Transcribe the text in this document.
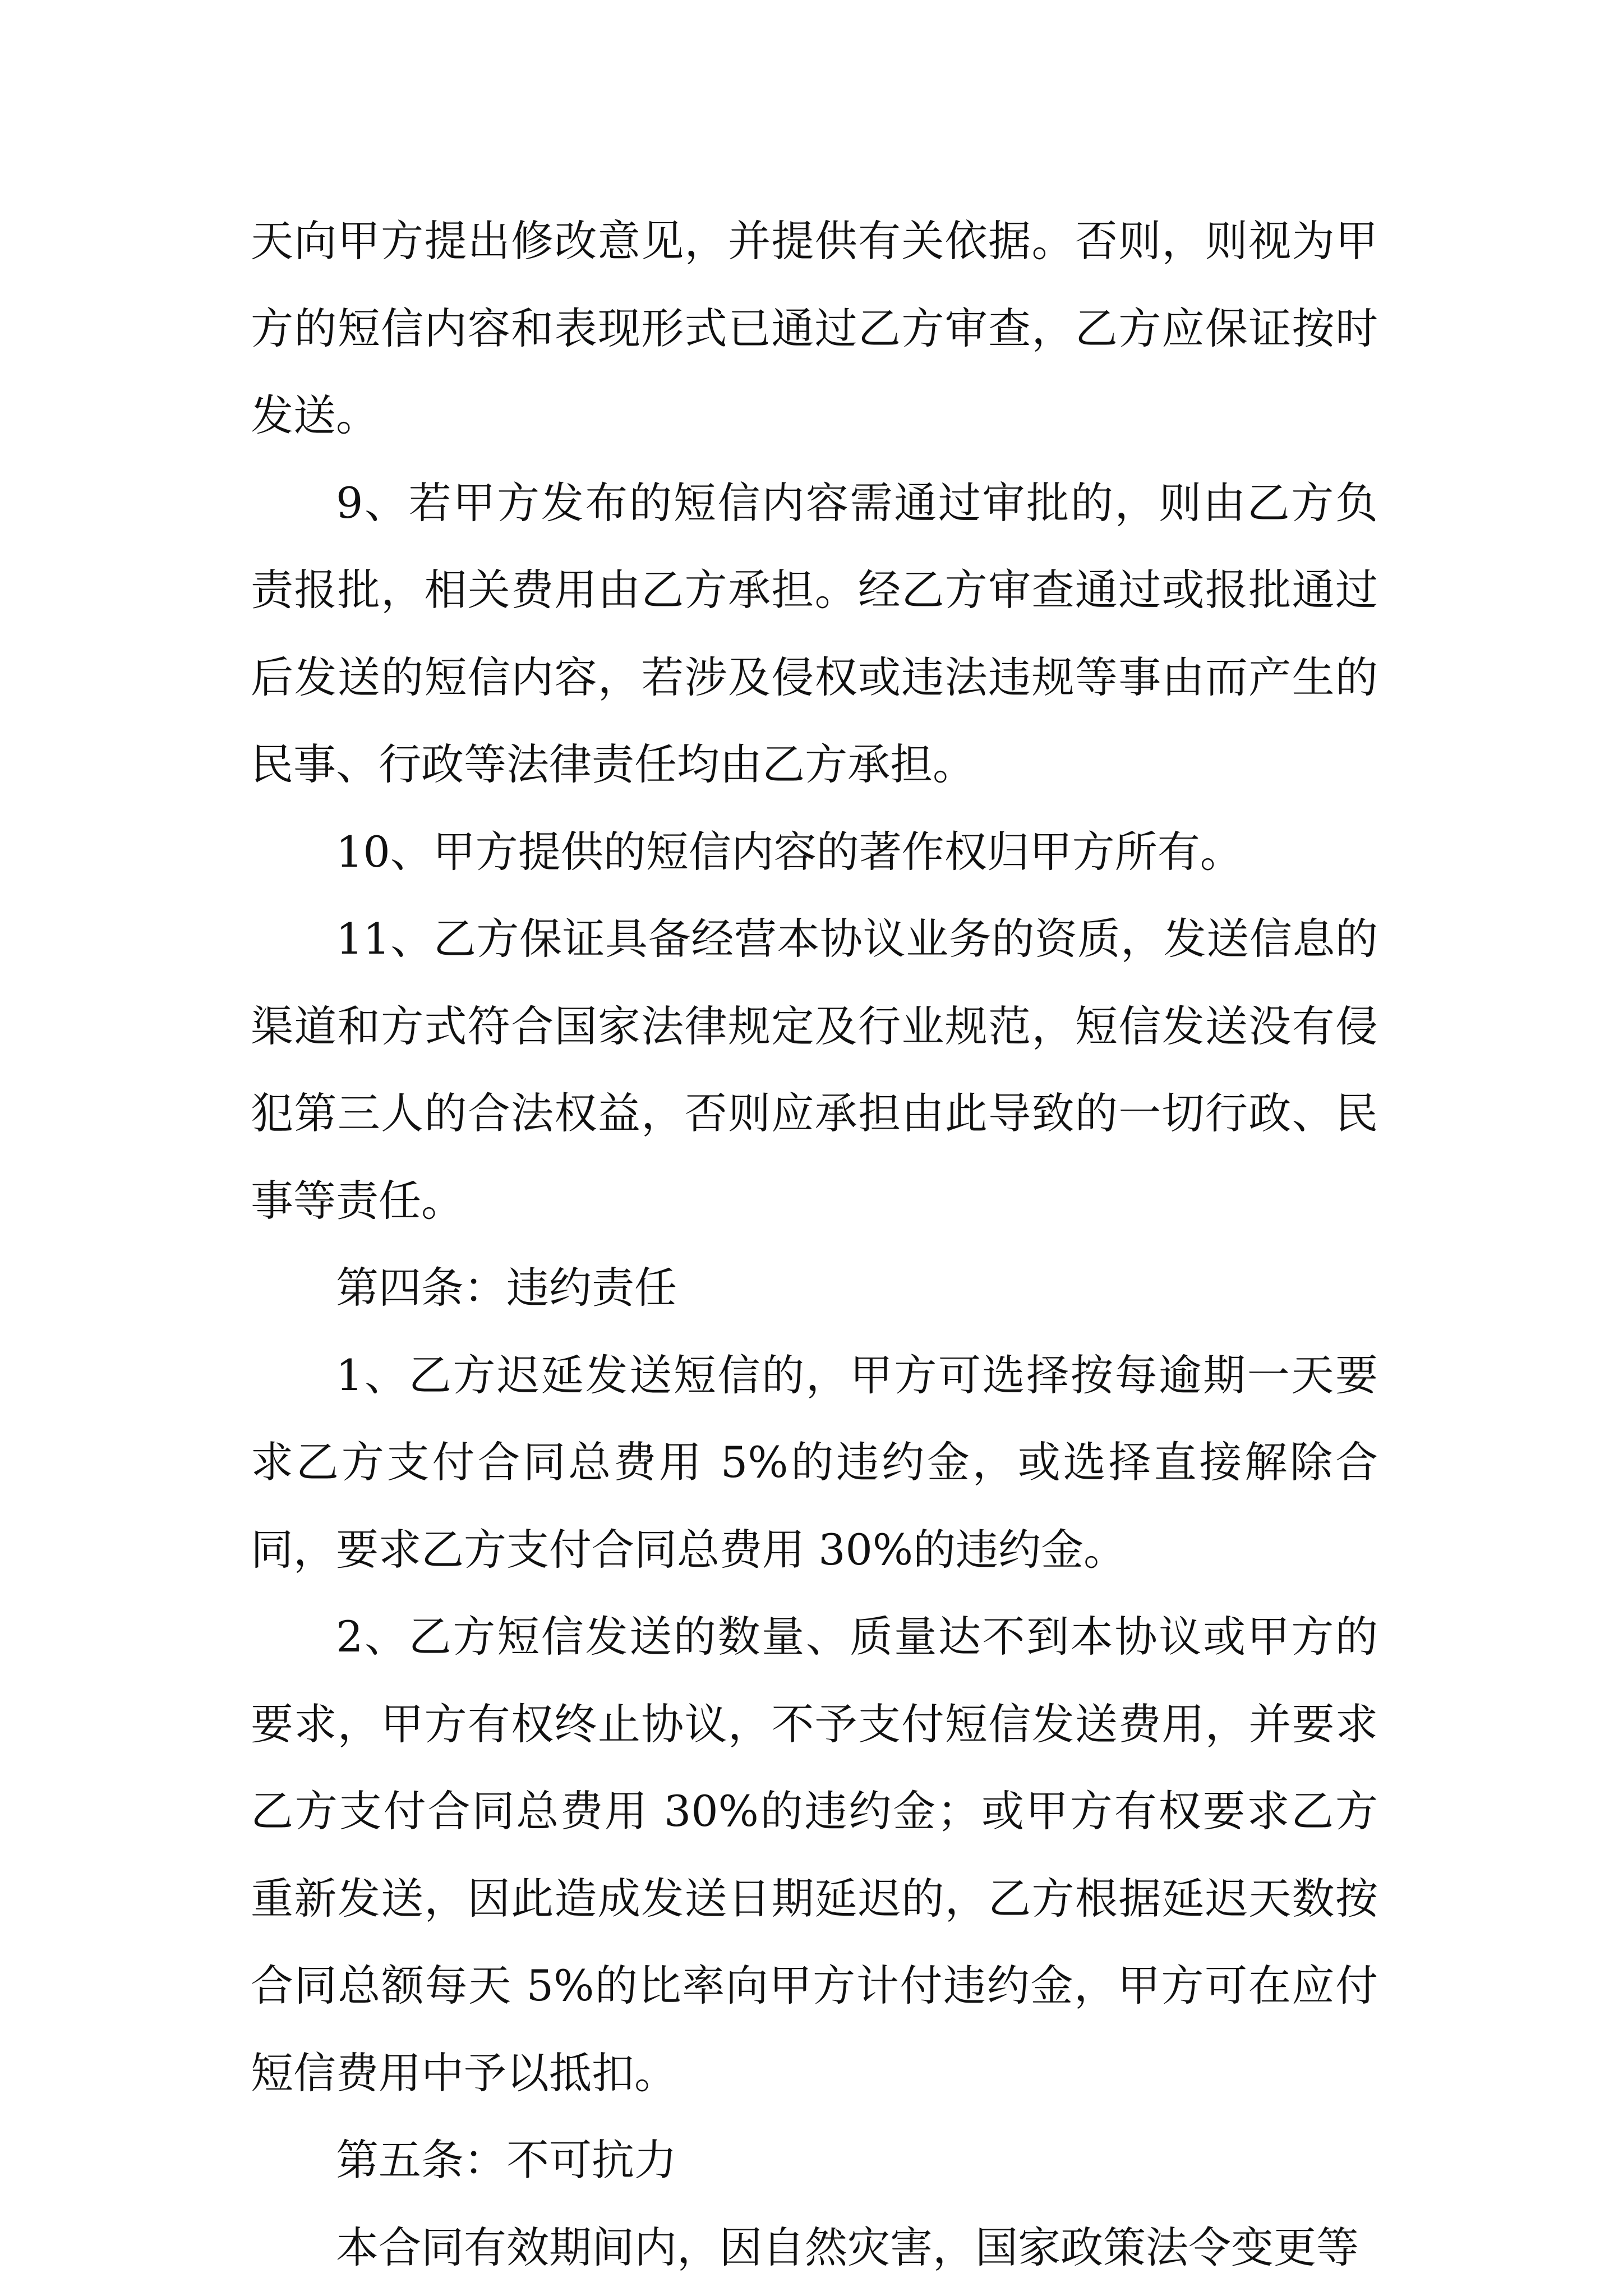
天向甲方提出修改意见，并提供有关依据。否则，则视为甲方的短信内容和表现形式已通过乙方审查，乙方应保证按时发送。

9、若甲方发布的短信内容需通过审批的，则由乙方负责报批，相关费用由乙方承担。经乙方审查通过或报批通过后发送的短信内容，若涉及侵权或违法违规等事由而产生的民事、行政等法律责任均由乙方承担。

10、甲方提供的短信内容的著作权归甲方所有。

11、乙方保证具备经营本协议业务的资质，发送信息的渠道和方式符合国家法律规定及行业规范，短信发送没有侵犯第三人的合法权益，否则应承担由此导致的一切行政、民事等责任。

第四条：违约责任

1、乙方迟延发送短信的，甲方可选择按每逾期一天要求乙方支付合同总费用 5%的违约金，或选择直接解除合同，要求乙方支付合同总费用 30%的违约金。

2、乙方短信发送的数量、质量达不到本协议或甲方的要求，甲方有权终止协议，不予支付短信发送费用，并要求乙方支付合同总费用 30%的违约金；或甲方有权要求乙方重新发送，因此造成发送日期延迟的，乙方根据延迟天数按合同总额每天 5%的比率向甲方计付违约金，甲方可在应付短信费用中予以抵扣。

第五条：不可抗力

本合同有效期间内，因自然灾害，国家政策法令变更等
